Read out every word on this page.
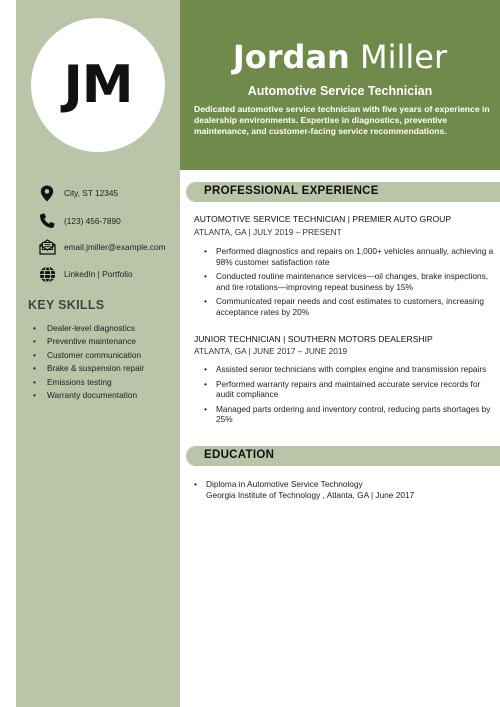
JM	Jordan Miller
Automotive Service Technician
Dedicated automotive service technician with five years of experience in dealership environments. Expertise in diagnostics, preventive maintenance, and customer-facing service recommendations.
City, ST 12345
(123) 456-7890
email.jmiller@example.com
LinkedIn | Portfolio
KEY SKILLS
• Dealer-level diagnostics
• Preventive maintenance
• Customer communication
• Brake & suspension repair
• Emissions testing
• Warranty documentation
PROFESSIONAL EXPERIENCE
AUTOMOTIVE SERVICE TECHNICIAN | PREMIER AUTO GROUP
ATLANTA, GA | JULY 2019 – PRESENT
• Performed diagnostics and repairs on 1,000+ vehicles annually, achieving a 98% customer satisfaction rate
• Conducted routine maintenance services—oil changes, brake inspections, and tire rotations—improving repeat business by 15%
• Communicated repair needs and cost estimates to customers, increasing acceptance rates by 20%
JUNIOR TECHNICIAN | SOUTHERN MOTORS DEALERSHIP
ATLANTA, GA | JUNE 2017 – JUNE 2019
• Assisted senior technicians with complex engine and transmission repairs
• Performed warranty repairs and maintained accurate service records for audit compliance
• Managed parts ordering and inventory control, reducing parts shortages by 25%
EDUCATION
•	Diploma in Automotive Service Technology
Georgia Institute of Technology , Atlanta, GA | June 2017
